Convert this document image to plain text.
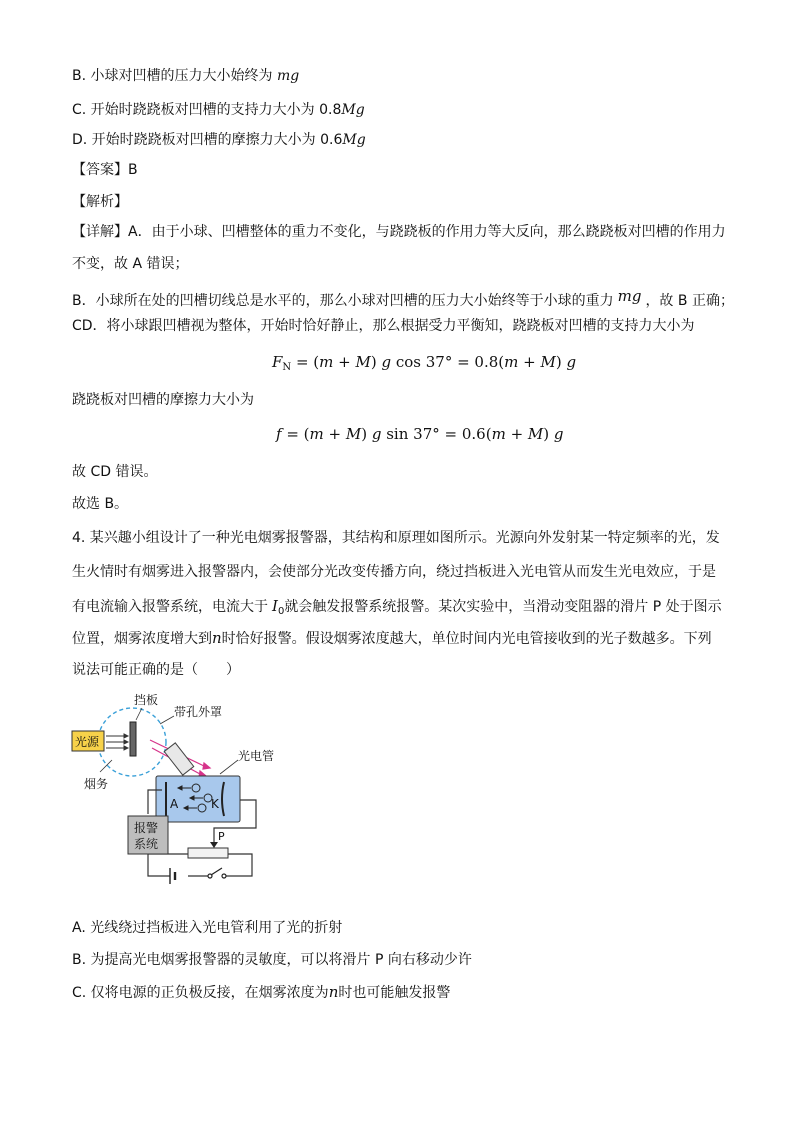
B. 小球对凹槽的压力大小始终为 mg
C. 开始时跷跷板对凹槽的支持力大小为 0.8Mg
D. 开始时跷跷板对凹槽的摩擦力大小为 0.6Mg
【答案】B
【解析】
【详解】A．由于小球、凹槽整体的重力不变化，与跷跷板的作用力等大反向，那么跷跷板对凹槽的作用力
不变，故 A 错误；
B．小球所在处的凹槽切线总是水平的，那么小球对凹槽的压力大小始终等于小球的重力 mg ，故 B 正确；
CD．将小球跟凹槽视为整体，开始时恰好静止，那么根据受力平衡知，跷跷板对凹槽的支持力大小为
$F_N = (m + M)$ g cos 37° = 0.8(m + M) g
跷跷板对凹槽的摩擦力大小为
f = (m + M) g sin 37° = 0.6(m + M) g
故 CD 错误。
故选 B。
4. 某兴趣小组设计了一种光电烟雾报警器，其结构和原理如图所示。光源向外发射某一特定频率的光，发
生火情时有烟雾进入报警器内，会使部分光改变传播方向，绕过挡板进入光电管从而发生光电效应，于是
有电流输入报警系统，电流大于 $I_0$就会触发报警系统报警。某次实验中，当滑动变阻器的滑片 P 处于图示
位置，烟雾浓度增大到n时恰好报警。假设烟雾浓度越大，单位时间内光电管接收到的光子数越多。下列
说法可能正确的是（　　）
光源
挡板
带孔外罩
烟务
光电管
A	K
报警
系统
P
A. 光线绕过挡板进入光电管利用了光的折射
B. 为提高光电烟雾报警器的灵敏度，可以将滑片 P 向右移动少许
C. 仅将电源的正负极反接，在烟雾浓度为n时也可能触发报警
